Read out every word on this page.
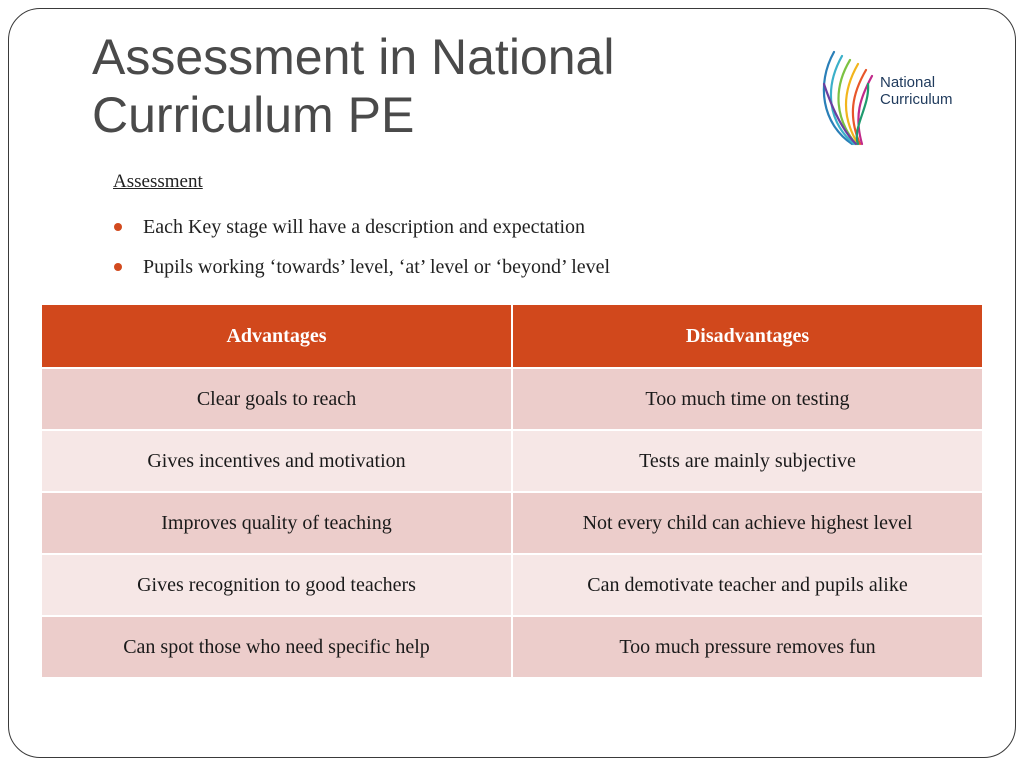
Assessment in National
Curriculum PE
National
Curriculum
Assessment
Each Key stage will have a description and expectation
Pupils working ‘towards’ level, ‘at’ level or ‘beyond’ level
Advantages	Disadvantages
Clear goals to reach	Too much time on testing
Gives incentives and motivation	Tests are mainly subjective
Improves quality of teaching	Not every child can achieve highest level
Gives recognition to good teachers	Can demotivate teacher and pupils alike
Can spot those who need specific help	Too much pressure removes fun
